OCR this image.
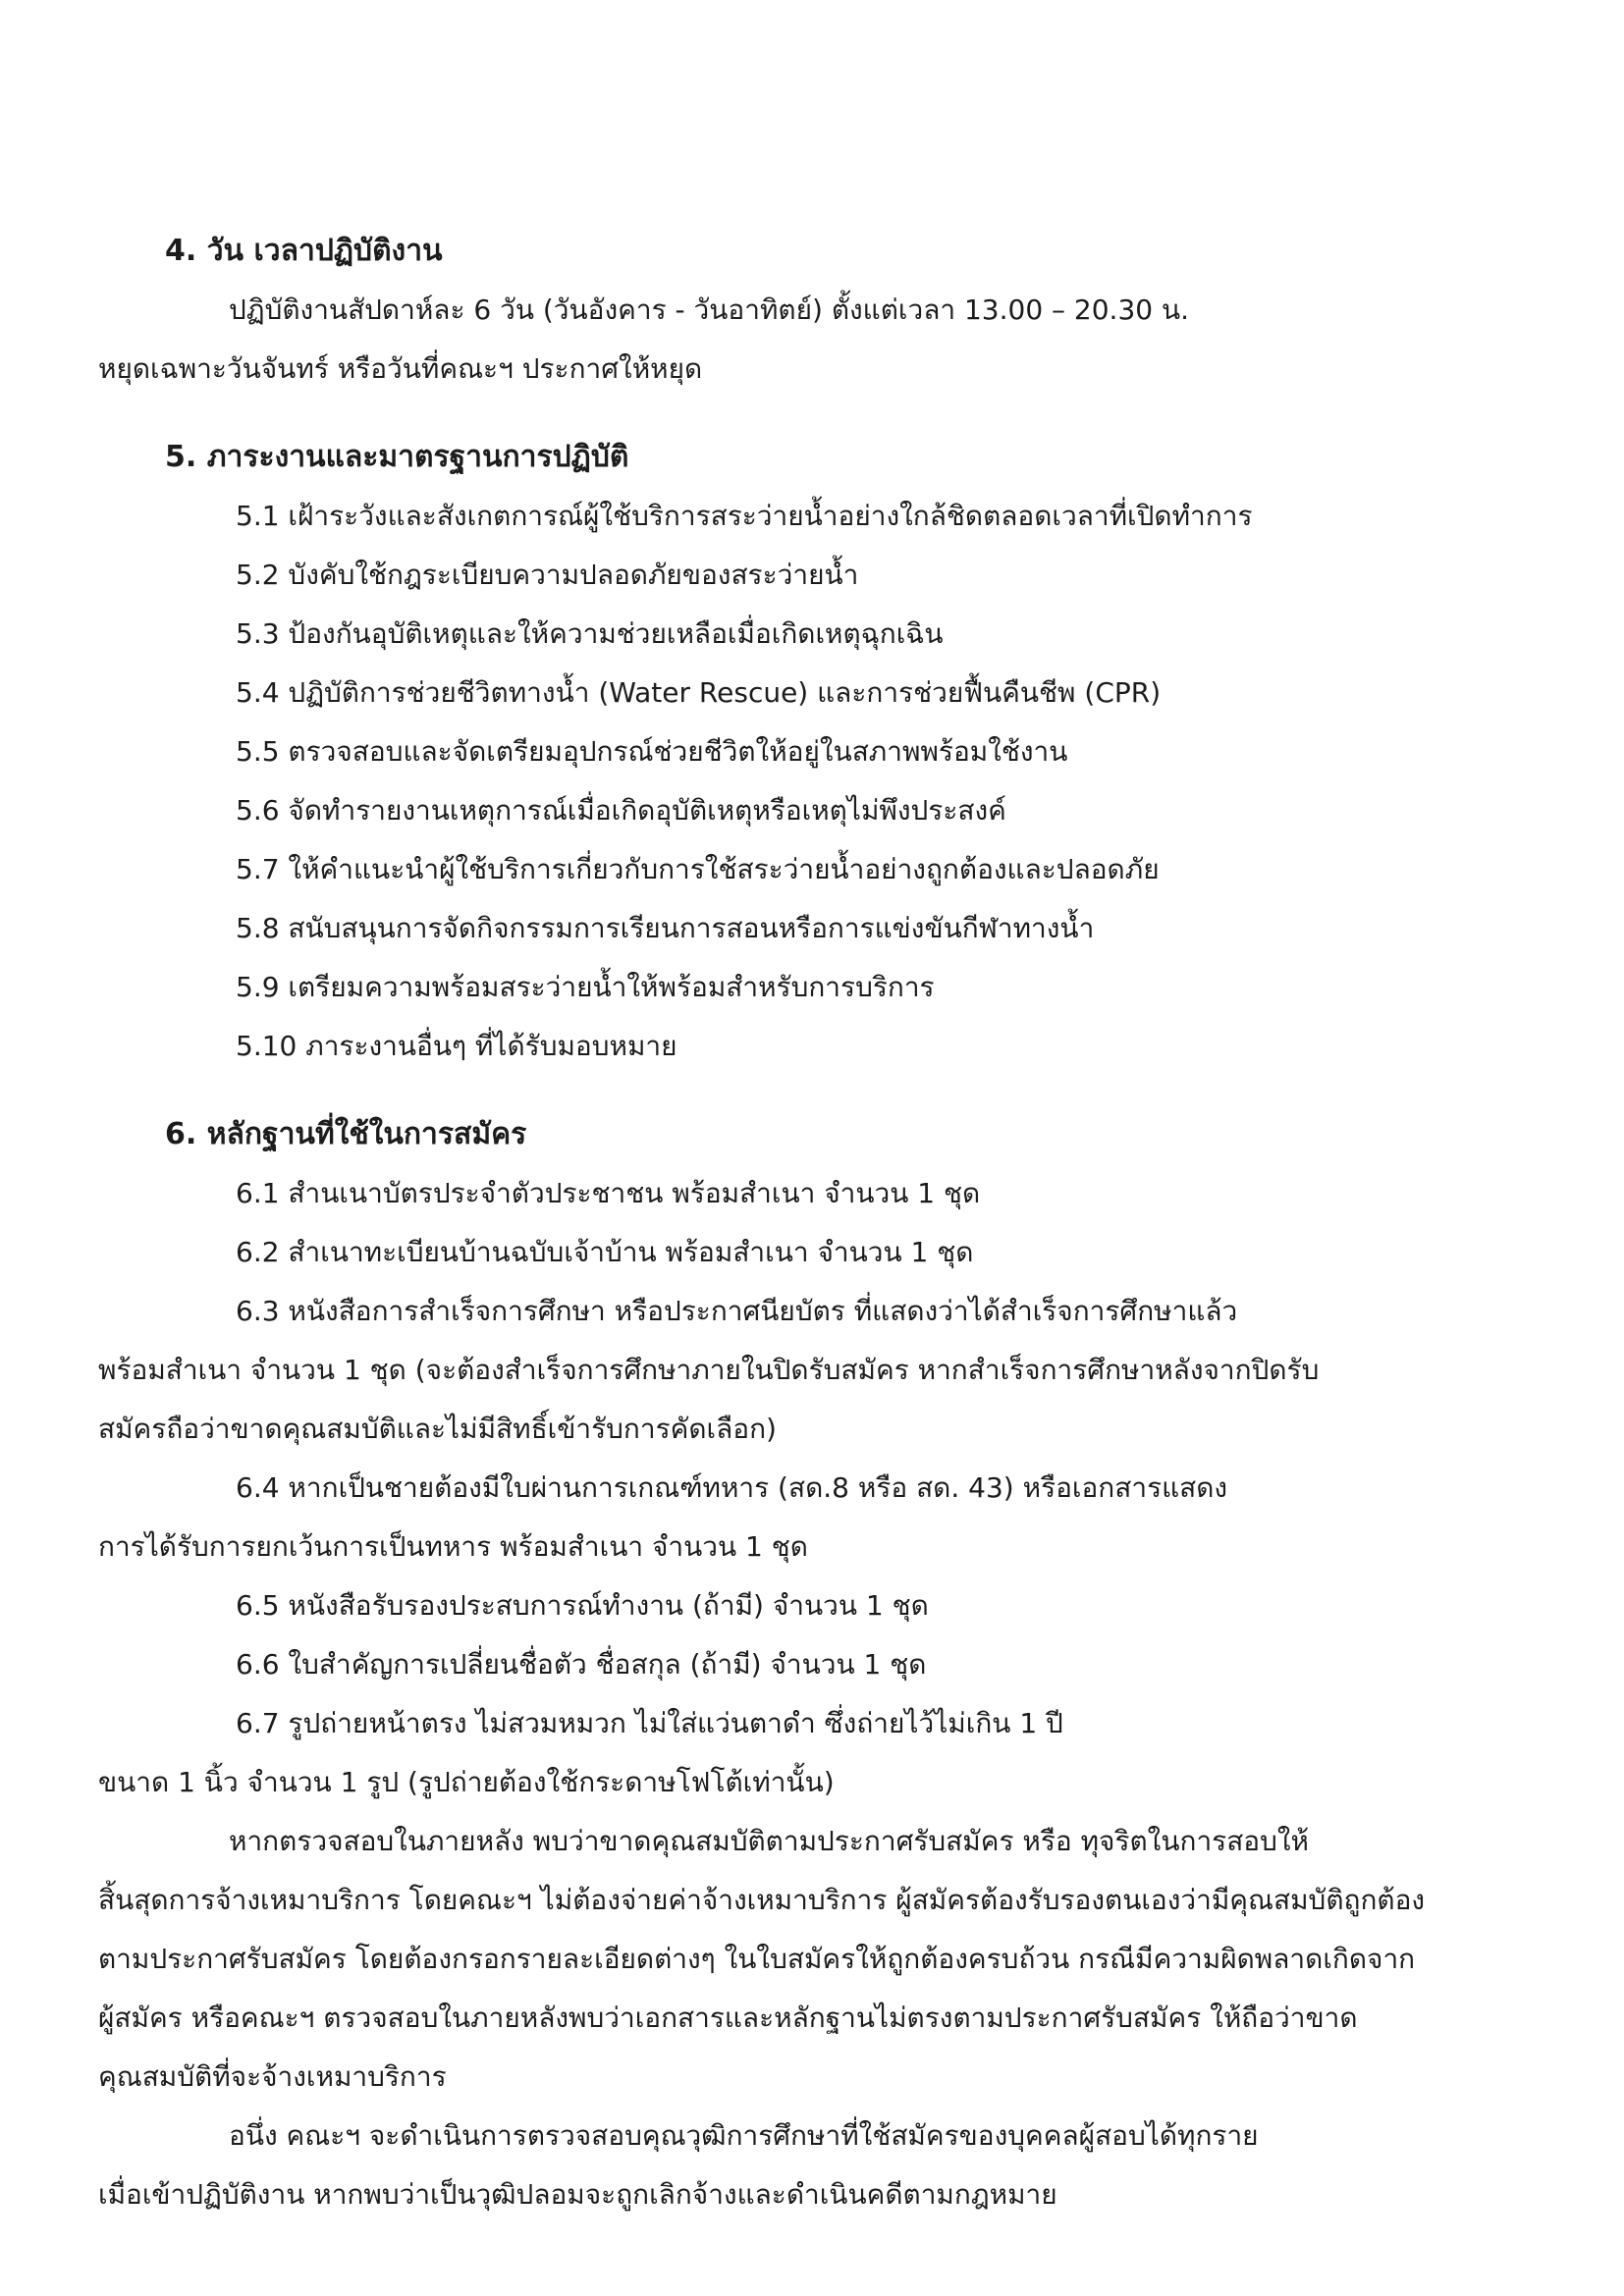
4. วัน เวลาปฏิบัติงาน
ปฏิบัติงานสัปดาห์ละ 6 วัน (วันอังคาร - วันอาทิตย์) ตั้งแต่เวลา 13.00 – 20.30 น.
หยุดเฉพาะวันจันทร์ หรือวันที่คณะฯ ประกาศให้หยุด
5. ภาระงานและมาตรฐานการปฏิบัติ
5.1 เฝ้าระวังและสังเกตการณ์ผู้ใช้บริการสระว่ายน้ำอย่างใกล้ชิดตลอดเวลาที่เปิดทำการ
5.2 บังคับใช้กฎระเบียบความปลอดภัยของสระว่ายน้ำ
5.3 ป้องกันอุบัติเหตุและให้ความช่วยเหลือเมื่อเกิดเหตุฉุกเฉิน
5.4 ปฏิบัติการช่วยชีวิตทางน้ำ (Water Rescue) และการช่วยฟื้นคืนชีพ (CPR)
5.5 ตรวจสอบและจัดเตรียมอุปกรณ์ช่วยชีวิตให้อยู่ในสภาพพร้อมใช้งาน
5.6 จัดทำรายงานเหตุการณ์เมื่อเกิดอุบัติเหตุหรือเหตุไม่พึงประสงค์
5.7 ให้คำแนะนำผู้ใช้บริการเกี่ยวกับการใช้สระว่ายน้ำอย่างถูกต้องและปลอดภัย
5.8 สนับสนุนการจัดกิจกรรมการเรียนการสอนหรือการแข่งขันกีฬาทางน้ำ
5.9 เตรียมความพร้อมสระว่ายน้ำให้พร้อมสำหรับการบริการ
5.10 ภาระงานอื่นๆ ที่ได้รับมอบหมาย
6. หลักฐานที่ใช้ในการสมัคร
6.1 สำนเนาบัตรประจำตัวประชาชน พร้อมสำเนา จำนวน 1 ชุด
6.2 สำเนาทะเบียนบ้านฉบับเจ้าบ้าน พร้อมสำเนา จำนวน 1 ชุด
6.3 หนังสือการสำเร็จการศึกษา หรือประกาศนียบัตร ที่แสดงว่าได้สำเร็จการศึกษาแล้ว
พร้อมสำเนา จำนวน 1 ชุด (จะต้องสำเร็จการศึกษาภายในปิดรับสมัคร หากสำเร็จการศึกษาหลังจากปิดรับ
สมัครถือว่าขาดคุณสมบัติและไม่มีสิทธิ์เข้ารับการคัดเลือก)
6.4 หากเป็นชายต้องมีใบผ่านการเกณฑ์ทหาร (สด.8 หรือ สด. 43) หรือเอกสารแสดง
การได้รับการยกเว้นการเป็นทหาร พร้อมสำเนา จำนวน 1 ชุด
6.5 หนังสือรับรองประสบการณ์ทำงาน (ถ้ามี) จำนวน 1 ชุด
6.6 ใบสำคัญการเปลี่ยนชื่อตัว ชื่อสกุล (ถ้ามี) จำนวน 1 ชุด
6.7 รูปถ่ายหน้าตรง ไม่สวมหมวก ไม่ใส่แว่นตาดำ ซึ่งถ่ายไว้ไม่เกิน 1 ปี
ขนาด 1 นิ้ว จำนวน 1 รูป (รูปถ่ายต้องใช้กระดาษโฟโต้เท่านั้น)
หากตรวจสอบในภายหลัง พบว่าขาดคุณสมบัติตามประกาศรับสมัคร หรือ ทุจริตในการสอบให้
สิ้นสุดการจ้างเหมาบริการ โดยคณะฯ ไม่ต้องจ่ายค่าจ้างเหมาบริการ ผู้สมัครต้องรับรองตนเองว่ามีคุณสมบัติถูกต้อง
ตามประกาศรับสมัคร โดยต้องกรอกรายละเอียดต่างๆ ในใบสมัครให้ถูกต้องครบถ้วน กรณีมีความผิดพลาดเกิดจาก
ผู้สมัคร หรือคณะฯ ตรวจสอบในภายหลังพบว่าเอกสารและหลักฐานไม่ตรงตามประกาศรับสมัคร ให้ถือว่าขาด
คุณสมบัติที่จะจ้างเหมาบริการ
อนึ่ง คณะฯ จะดำเนินการตรวจสอบคุณวุฒิการศึกษาที่ใช้สมัครของบุคคลผู้สอบได้ทุกราย
เมื่อเข้าปฏิบัติงาน หากพบว่าเป็นวุฒิปลอมจะถูกเลิกจ้างและดำเนินคดีตามกฎหมาย
